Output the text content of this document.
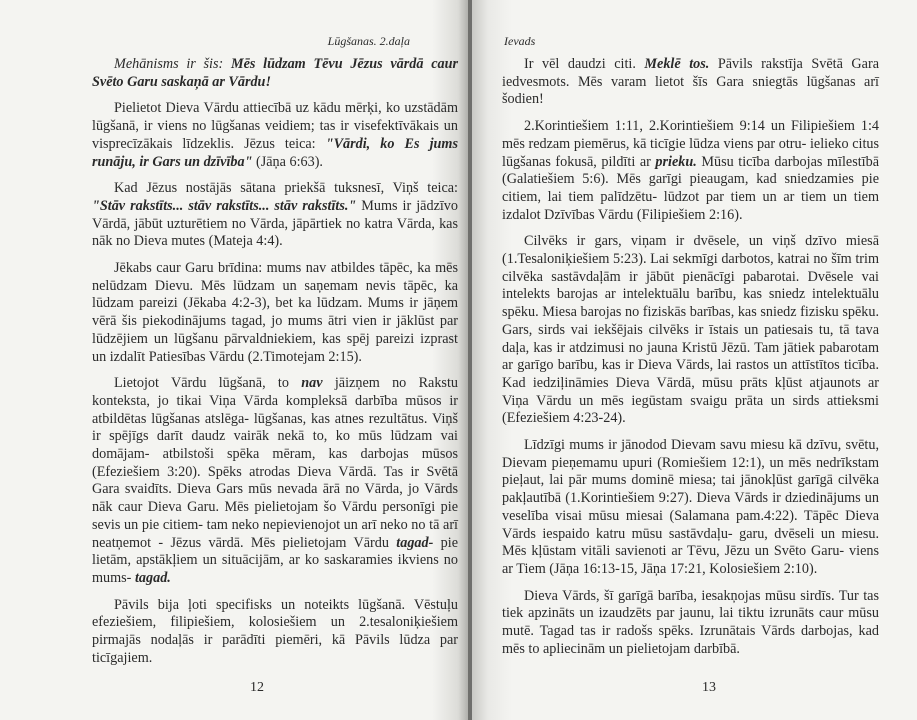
Lūgšanas. 2.daļa

Mehānisms ir šis: Mēs lūdzam Tēvu Jēzus vārdā caur Svēto Garu saskaņā ar Vārdu!

Pielietot Dieva Vārdu attiecībā uz kādu mērķi, ko uzstādām lūgšanā, ir viens no lūgšanas veidiem; tas ir visefektīvākais un visprecīzākais līdzeklis. Jēzus teica: "Vārdi, ko Es jums runāju, ir Gars un dzīvība" (Jāņa 6:63).

Kad Jēzus nostājās sātana priekšā tuksnesī, Viņš teica: "Stāv rakstīts... stāv rakstīts... stāv rakstīts." Mums ir jādzīvo Vārdā, jābūt uzturētiem no Vārda, jāpārtiek no katra Vārda, kas nāk no Dieva mutes (Mateja 4:4).

Jēkabs caur Garu brīdina: mums nav atbildes tāpēc, ka mēs nelūdzam Dievu. Mēs lūdzam un saņemam nevis tāpēc, ka lūdzam pareizi (Jēkaba 4:2-3), bet ka lūdzam. Mums ir jāņem vērā šis piekodinājums tagad, jo mums ātri vien ir jāklūst par lūdzējiem un lūgšanu pārvaldniekiem, kas spēj pareizi izprast un izdalīt Patiesības Vārdu (2.Timotejam 2:15).

Lietojot Vārdu lūgšanā, to nav jāizņem no Rakstu konteksta, jo tikai Viņa Vārda kompleksā darbība mūsos ir atbildētas lūgšanas atslēga- lūgšanas, kas atnes rezultātus. Viņš ir spējīgs darīt daudz vairāk nekā to, ko mūs lūdzam vai domājam- atbilstoši spēka mēram, kas darbojas mūsos (Efeziešiem 3:20). Spēks atrodas Dieva Vārdā. Tas ir Svētā Gara svaidīts. Dieva Gars mūs nevada ārā no Vārda, jo Vārds nāk caur Dieva Garu. Mēs pielietojam šo Vārdu personīgi pie sevis un pie citiem- tam neko nepievienojot un arī neko no tā arī neatņemot - Jēzus vārdā. Mēs pielietojam Vārdu tagad- pie lietām, apstākļiem un situācijām, ar ko saskaramies ikviens no mums- tagad.

Pāvils bija ļoti specifisks un noteikts lūgšanā. Vēstuļu efeziešiem, filipiešiem, kolosiešiem un 2.tesaloniķiešiem pirmajās nodaļās ir parādīti piemēri, kā Pāvils lūdza par ticīgajiem.

12

Ievads

Ir vēl daudzi citi. Meklē tos. Pāvils rakstīja Svētā Gara iedvesmots. Mēs varam lietot šīs Gara sniegtās lūgšanas arī šodien!

2.Korintiešiem 1:11, 2.Korintiešiem 9:14 un Filipiešiem 1:4 mēs redzam piemērus, kā ticīgie lūdza viens par otru- ielieko citus lūgšanas fokusā, pildīti ar prieku. Mūsu ticība darbojas mīlestībā (Galatiešiem 5:6). Mēs garīgi pieaugam, kad sniedzamies pie citiem, lai tiem palīdzētu- lūdzot par tiem un ar tiem un tiem izdalot Dzīvības Vārdu (Filipiešiem 2:16).

Cilvēks ir gars, viņam ir dvēsele, un viņš dzīvo miesā (1.Tesaloniķiešiem 5:23). Lai sekmīgi darbotos, katrai no šīm trim cilvēka sastāvdaļām ir jābūt pienācīgi pabarotai. Dvēsele vai intelekts barojas ar intelektuālu barību, kas sniedz intelektuālu spēku. Miesa barojas no fiziskās barības, kas sniedz fizisku spēku. Gars, sirds vai iekšējais cilvēks ir īstais un patiesais tu, tā tava daļa, kas ir atdzimusi no jauna Kristū Jēzū. Tam jātiek pabarotam ar garīgo barību, kas ir Dieva Vārds, lai rastos un attīstītos ticība. Kad iedziļināmies Dieva Vārdā, mūsu prāts kļūst atjaunots ar Viņa Vārdu un mēs iegūstam svaigu prāta un sirds attieksmi (Efeziešiem 4:23-24).

Līdzīgi mums ir jānodod Dievam savu miesu kā dzīvu, svētu, Dievam pieņemamu upuri (Romiešiem 12:1), un mēs nedrīkstam pieļaut, lai pār mums dominē miesa; tai jānokļūst garīgā cilvēka pakļautībā (1.Korintiešiem 9:27). Dieva Vārds ir dziedinājums un veselība visai mūsu miesai (Salamana pam.4:22). Tāpēc Dieva Vārds iespaido katru mūsu sastāvdaļu- garu, dvēseli un miesu. Mēs kļūstam vitāli savienoti ar Tēvu, Jēzu un Svēto Garu- viens ar Tiem (Jāņa 16:13-15, Jāņa 17:21, Kolosiešiem 2:10).

Dieva Vārds, šī garīgā barība, iesakņojas mūsu sirdīs. Tur tas tiek apzināts un izaudzēts par jaunu, lai tiktu izrunāts caur mūsu mutē. Tagad tas ir radošs spēks. Izrunātais Vārds darbojas, kad mēs to apliecinām un pielietojam darbībā.

13
